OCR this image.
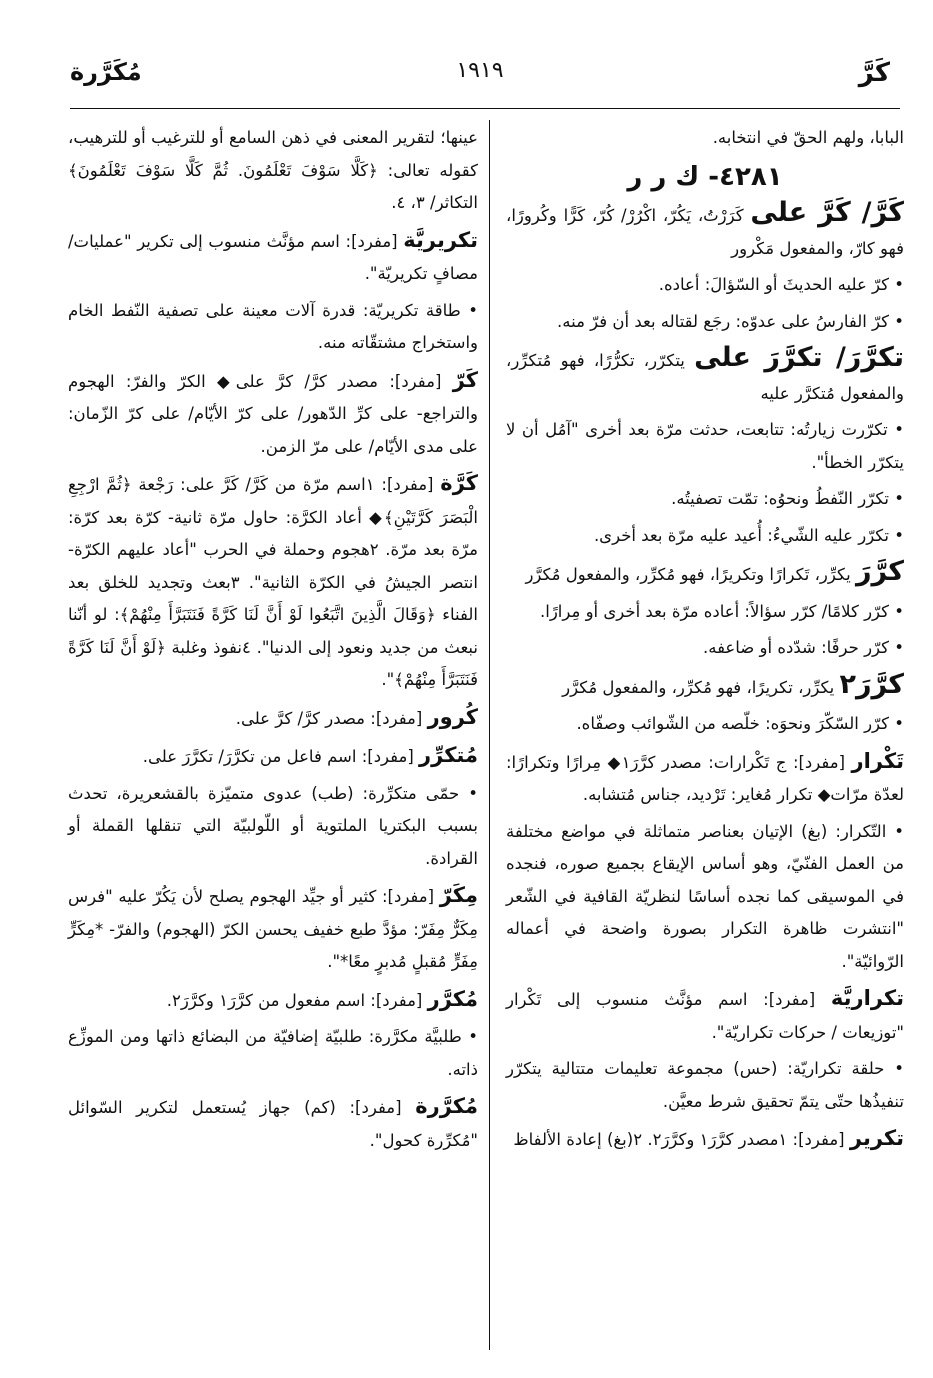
كَرَّ
١٩١٩
مُكَرَّرة

البابا، ولهم الحقّ في انتخابه.

٤٢٨١- ك ر ر

كَرَّ/ كَرَّ على كَرَرْتُ، يَكُرّ، اكْرُرْ/ كُرّ، كَرًّا وكُرورًا، فهو كارّ، والمفعول مَكْرور

• كرّ عليه الحديثَ أو السّؤالَ: أعاده.

• كرّ الفارسُ على عدوّه: رجَع لقتاله بعد أن فرّ منه.

تكرَّرَ/ تكرَّرَ على يتكرّر، تكرُّرًا، فهو مُتكرِّر، والمفعول مُتكرَّر عليه

• تكرّرت زيارتُه: تتابعت، حدثت مرّة بعد أخرى "آمُل أن لا يتكرّر الخطأ".

• تكرّر النّفطُ ونحوُه: تمّت تصفيتُه.

• تكرّر عليه الشّيءُ: أُعيد عليه مرّة بعد أخرى.

كرَّرَ يكرِّر، تَكرارًا وتكريرًا، فهو مُكرِّر، والمفعول مُكرَّر

• كرّر كلامًا/ كرّر سؤالاً: أعاده مرّة بعد أخرى أو مِرارًا.

• كرّر حرفًا: شدّده أو ضاعفه.

كرَّرَ٢ يكرِّر، تكريرًا، فهو مُكرِّر، والمفعول مُكرَّر

• كرّر السّكّرَ ونحوَه: خلّصه من الشّوائب وصفّاه.

تَكْرار [مفرد]: ج تَكْرارات: مصدر كرَّرَ١◆ مِرارًا وتكرارًا: لعدّة مرّات◆ تكرار مُغاير: تَرْديد، جناس مُتشابه.

• التّكرار: (بغ) الإتيان بعناصر متماثلة في مواضع مختلفة من العمل الفنّيّ، وهو أساس الإيقاع بجميع صوره، فنجده في الموسيقى كما نجده أساسًا لنظريّة القافية في الشّعر "انتشرت ظاهرة التكرار بصورة واضحة في أعماله الرّوائيّة".

تكراريَّة [مفرد]: اسم مؤنَّث منسوب إلى تَكْرار "توزيعات / حركات تكراريّة".

• حلقة تكراريّة: (حس) مجموعة تعليمات متتالية يتكرّر تنفيذُها حتّى يتمّ تحقيق شرط معيَّن.

تكرير [مفرد]: ١مصدر كرَّرَ١ وكرَّرَ٢. ٢(بغ) إعادة الألفاظ

عينها؛ لتقرير المعنى في ذهن السامع أو للترغيب أو للترهيب، كقوله تعالى: ﴿كَلَّا سَوْفَ تَعْلَمُونَ. ثُمَّ كَلَّا سَوْفَ تَعْلَمُونَ﴾ التكاثر/ ٣، ٤.

تكريريَّة [مفرد]: اسم مؤنَّث منسوب إلى تكرير "عمليات/ مصافٍ تكريريّة".

• طاقة تكريريّة: قدرة آلات معينة على تصفية النّفط الخام واستخراج مشتقّاته منه.

كَرّ [مفرد]: مصدر كرَّ/ كرَّ على◆ الكرّ والفرّ: الهجوم والتراجع- على كرِّ الدّهور/ على كرّ الأيّام/ على كرّ الزّمان: على مدى الأيّام/ على مرّ الزمن.

كَرَّة [مفرد]: ١اسم مرّة من كَرَّ/ كَرَّ على: رَجْعة ﴿ثُمَّ ارْجِعِ الْبَصَرَ كَرَّتَيْنِ﴾◆ أعاد الكرَّة: حاول مرّة ثانية- كرّة بعد كرّة: مرّة بعد مرّة. ٢هجوم وحملة في الحرب "أعاد عليهم الكرّة- انتصر الجيشُ في الكرّة الثانية". ٣بعث وتجديد للخلق بعد الفناء ﴿وَقَالَ الَّذِينَ اتَّبَعُوا لَوْ أَنَّ لَنَا كَرَّةً فَنَتَبَرَّأَ مِنْهُمْ﴾: لو أنّنا نبعث من جديد ونعود إلى الدنيا". ٤نفوذ وغلبة ﴿لَوْ أَنَّ لَنَا كَرَّةً فَنَتَبَرَّأَ مِنْهُمْ﴾".

كُرور [مفرد]: مصدر كرَّ/ كرَّ على.

مُتكرِّر [مفرد]: اسم فاعل من تكرَّرَ/ تكرَّرَ على.

• حمّى متكرِّرة: (طب) عدوى متميّزة بالقشعريرة، تحدث بسبب البكتريا الملتوية أو اللّولبيّة التي تنقلها القملة أو القرادة.

مِكَرّ [مفرد]: كثير أو جيِّد الهجوم يصلح لأن يَكُرّ عليه "فرس مِكَرٌّ مِفَرّ: مؤدَّ طبع خفيف يحسن الكرّ (الهجوم) والفرّ- *مِكَرٍّ مِفَرٍّ مُقبلٍ مُدبرٍ معًا*".

مُكرَّر [مفرد]: اسم مفعول من كرَّرَ١ وكرَّرَ٢.

• طلبيَّة مكرَّرة: طلبيّة إضافيّة من البضائع ذاتها ومن الموزِّع ذاته.

مُكرَّرة [مفرد]: (كم) جهاز يُستعمل لتكرير السّوائل "مُكرِّرة كحول".
